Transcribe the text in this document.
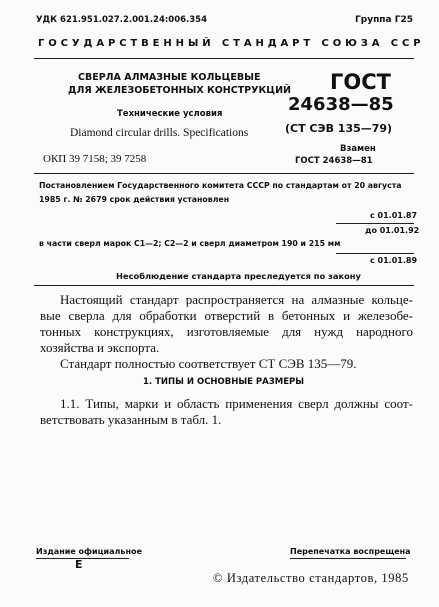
УДК 621.951.027.2.001.24:006.354	Группа Г25
ГОСУДАРСТВЕННЫЙ СТАНДАРТ СОЮЗА ССР
СВЕРЛА АЛМАЗНЫЕ КОЛЬЦЕВЫЕ
ДЛЯ ЖЕЛЕЗОБЕТОННЫХ КОНСТРУКЦИЙ
Технические условия
Diamond circular drills. Specifications
ОКП 39 7158; 39 7258
ГОСТ
24638—85
(СТ СЭВ 135—79)
Взамен
ГОСТ 24638—81
Постановлением Государственного комитета СССР по стандартам от 20 августа
1985 г. № 2679 срок действия установлен
с 01.01.87
до 01.01.92
в части сверл марок С1—2; С2—2 и сверл диаметром 190 и 215 мм
с 01.01.89
Несоблюдение стандарта преследуется по закону
Настоящий стандарт распространяется на алмазные кольце-
вые сверла для обработки отверстий в бетонных и железобе-
тонных конструкциях, изготовляемые для нужд народного
хозяйства и экспорта.
Стандарт полностью соответствует СТ СЭВ 135—79.
1. ТИПЫ И ОСНОВНЫЕ РАЗМЕРЫ
1.1. Типы, марки и область применения сверл должны соот-
ветствовать указанным в табл. 1.
Издание официальное	Перепечатка воспрещена
Е
© Издательство стандартов, 1985
